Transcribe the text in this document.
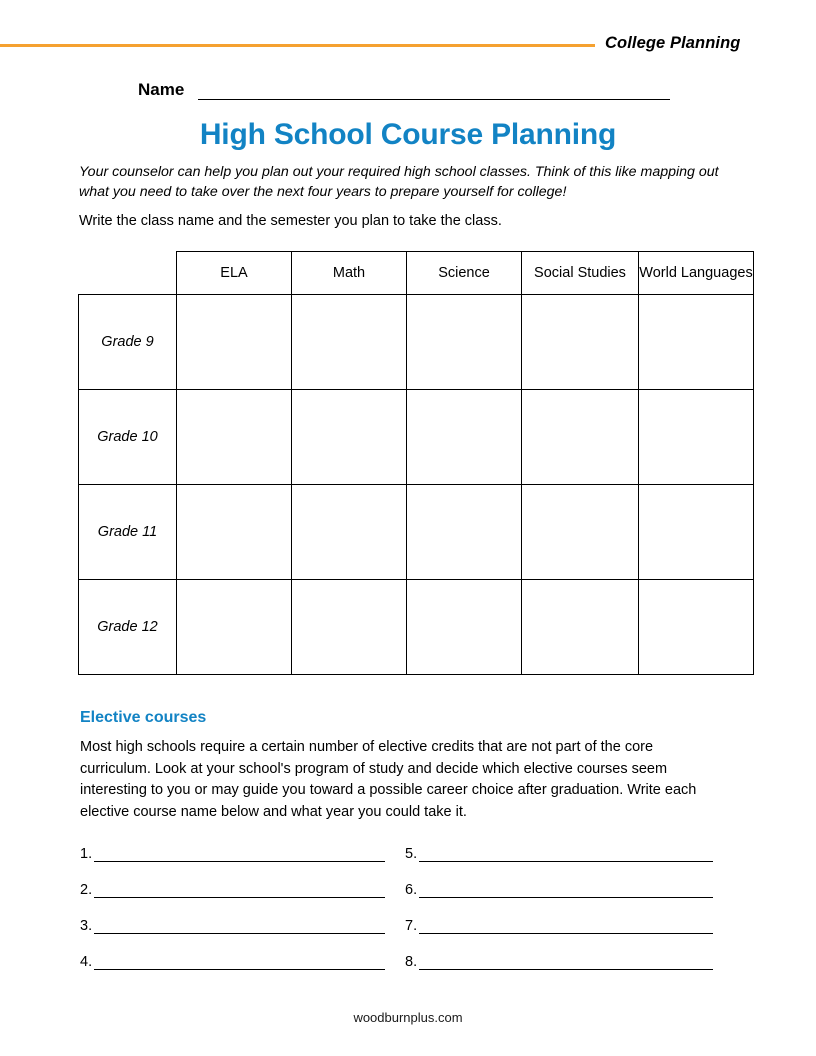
College Planning
Name
High School Course Planning
Your counselor can help you plan out your required high school classes. Think of this like mapping out what you need to take over the next four years to prepare yourself for college!
Write the class name and the semester you plan to take the class.
	ELA	Math	Science	Social Studies	World Languages
Grade 9					
Grade 10					
Grade 11					
Grade 12					
Elective courses
Most high schools require a certain number of elective credits that are not part of the core curriculum. Look at your school's program of study and decide which elective courses seem interesting to you or may guide you toward a possible career choice after graduation. Write each elective course name below and what year you could take it.
1.
2.
3.
4.
5.
6.
7.
8.
woodburnplus.com
